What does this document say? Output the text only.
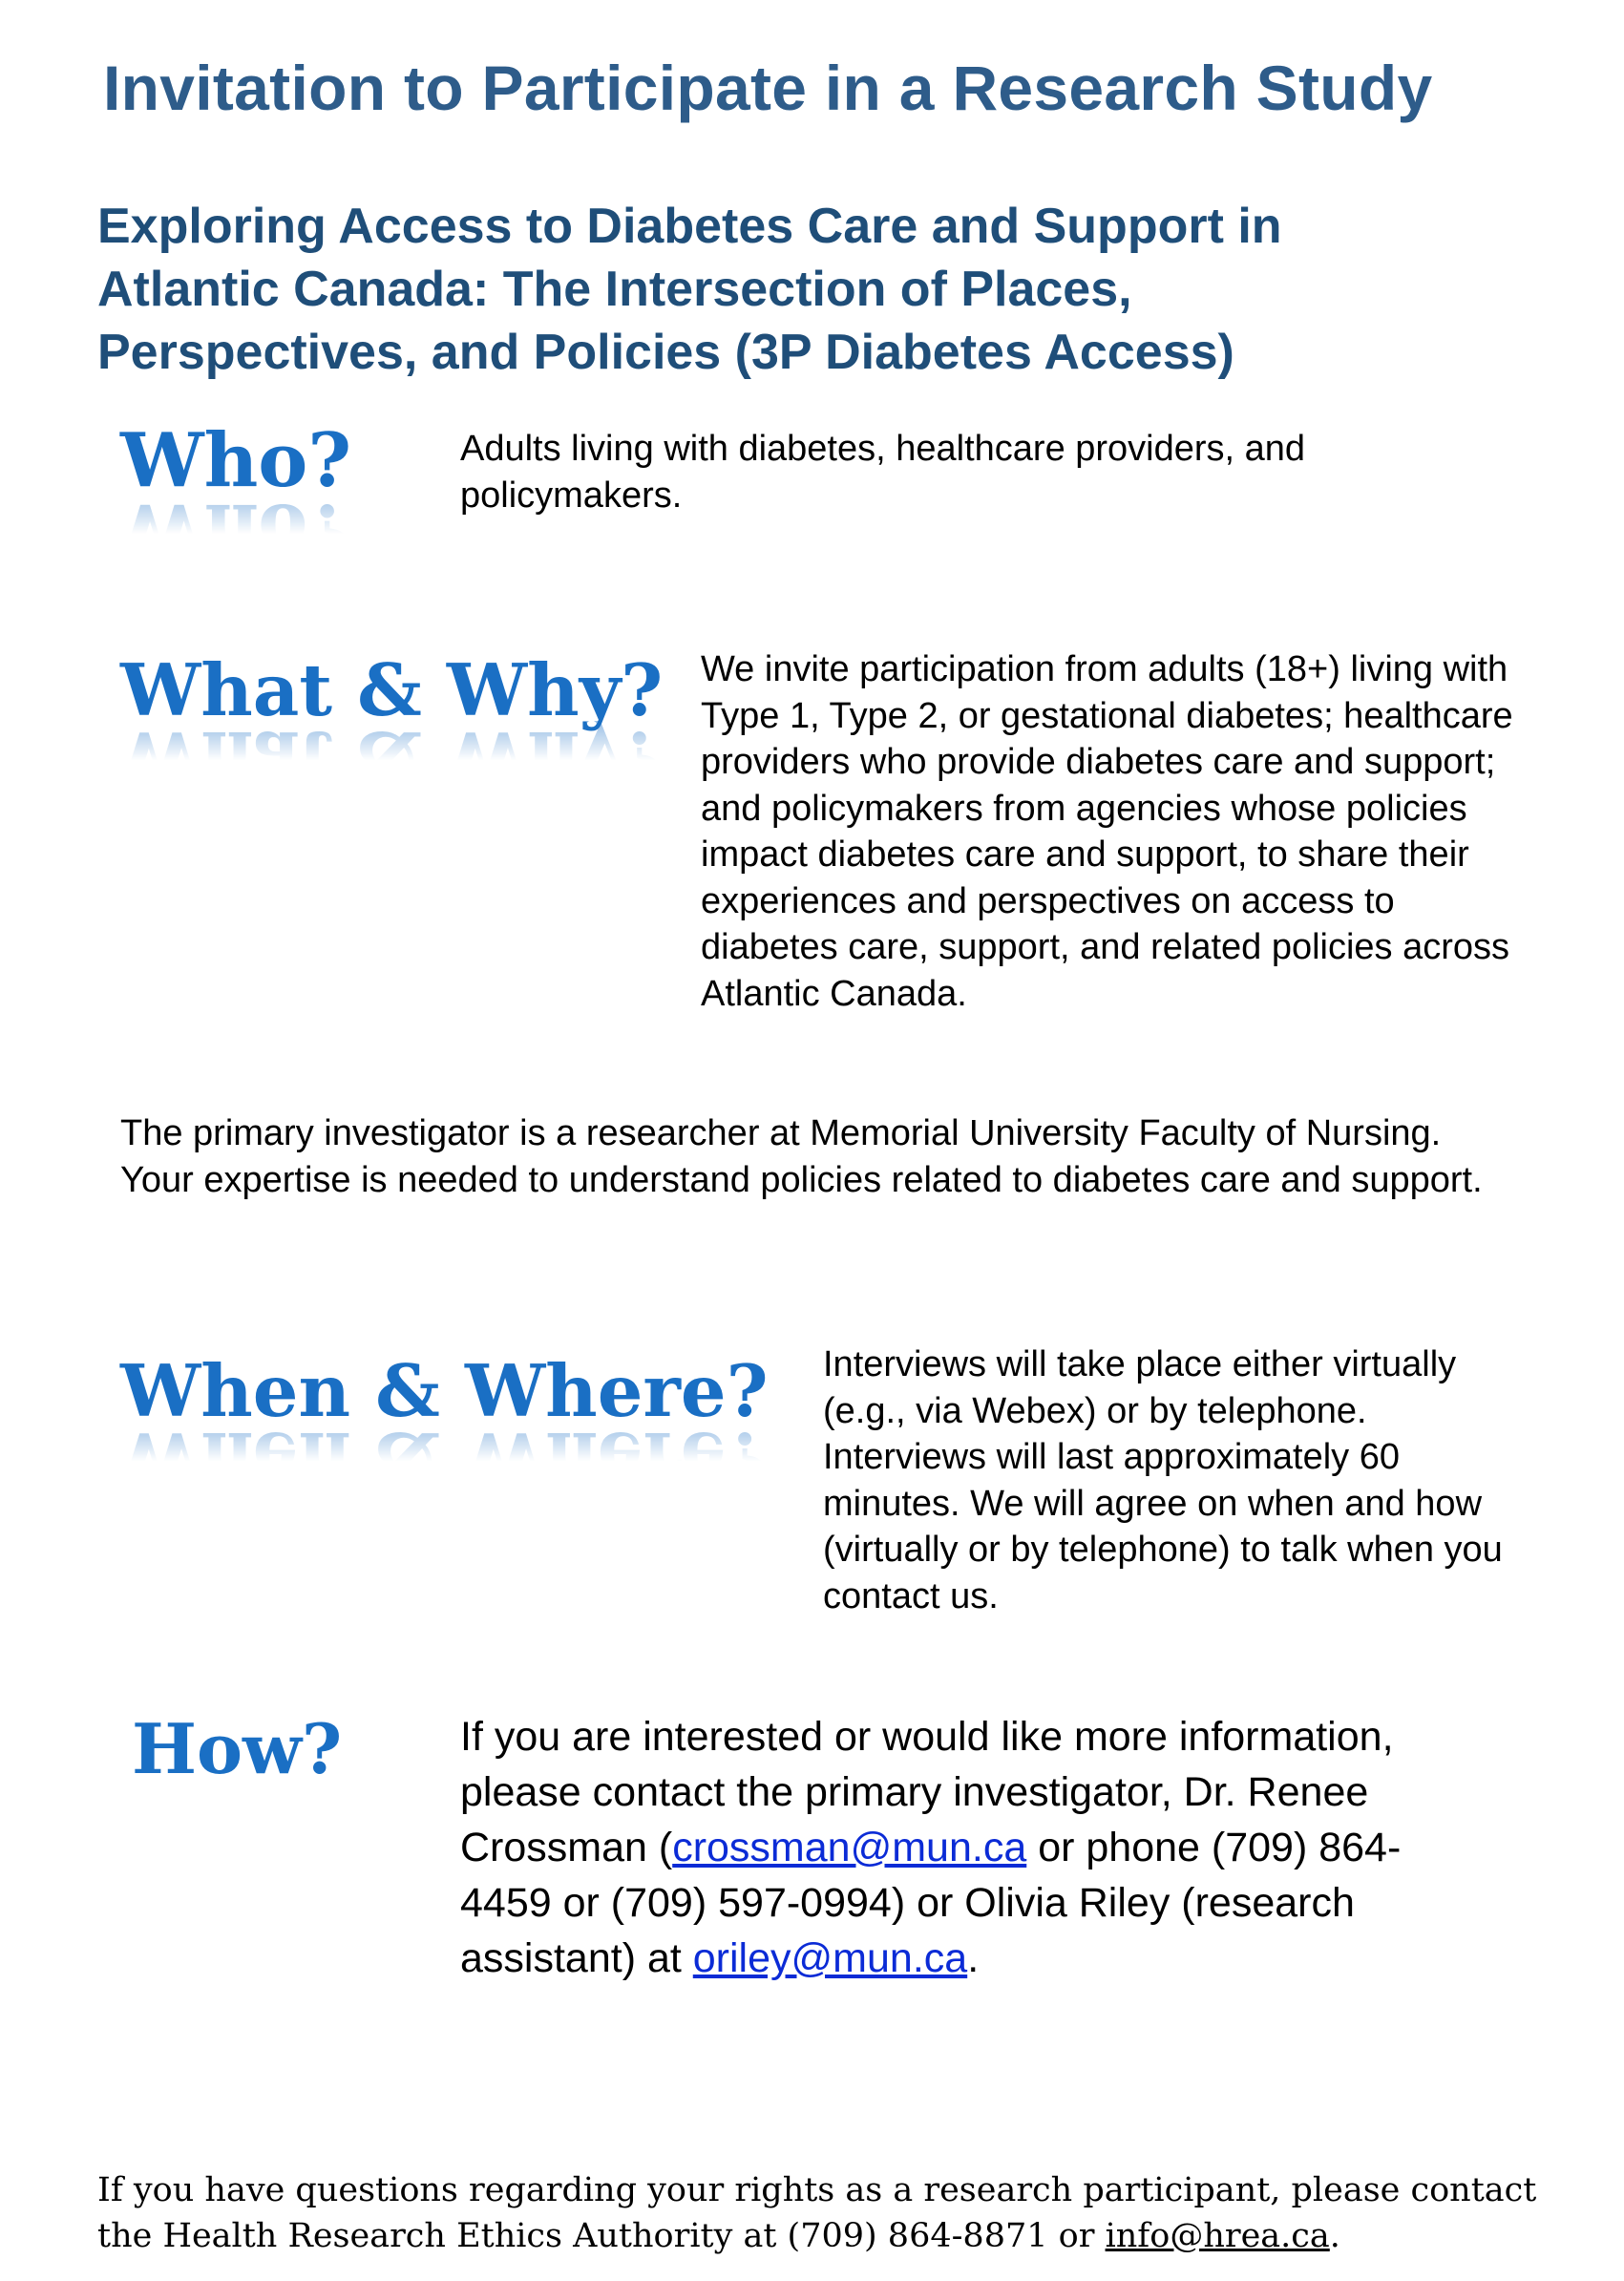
Invitation to Participate in a Research Study
Exploring Access to Diabetes Care and Support in
Atlantic Canada: The Intersection of Places,
Perspectives, and Policies (3P Diabetes Access)
Who?	Adults living with diabetes, healthcare providers, and policymakers.

What & Why? We invite participation from adults (18+) living with Type 1, Type 2, or gestational diabetes; healthcare providers who provide diabetes care and support; and policymakers from agencies whose policies impact diabetes care and support, to share their experiences and perspectives on access to diabetes care, support, and related policies across Atlantic Canada.

The primary investigator is a researcher at Memorial University Faculty of Nursing. Your expertise is needed to understand policies related to diabetes care and support.

When & Where? Interviews will take place either virtually (e.g., via Webex) or by telephone. Interviews will last approximately 60 minutes. We will agree on when and how (virtually or by telephone) to talk when you contact us.

How?	If you are interested or would like more information, please contact the primary investigator, Dr. Renee Crossman (crossman@mun.ca or phone (709) 864-4459 or (709) 597-0994) or Olivia Riley (research assistant) at oriley@mun.ca.

If you have questions regarding your rights as a research participant, please contact the Health Research Ethics Authority at (709) 864-8871 or info@hrea.ca.
